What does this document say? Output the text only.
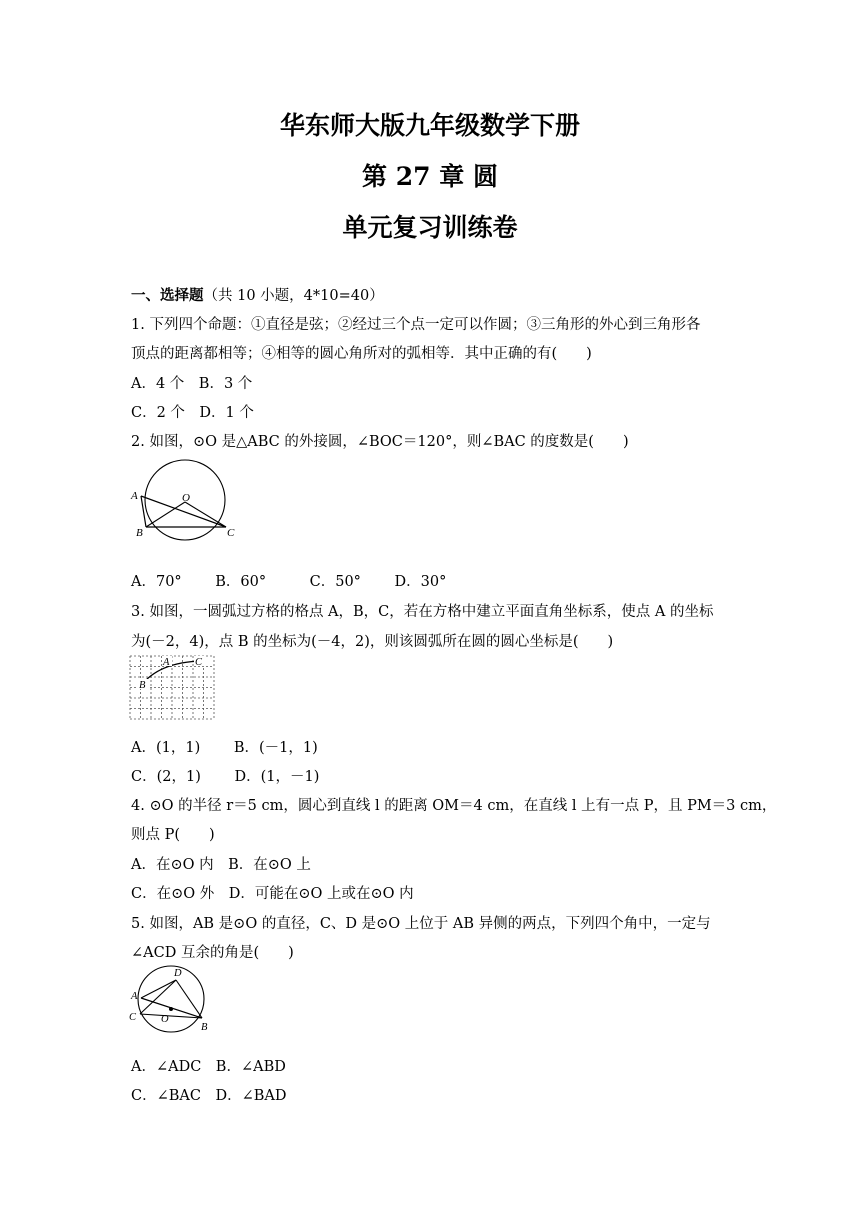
华东师大版九年级数学下册
第 27 章 圆
单元复习训练卷
一、选择题（共 10 小题，4*10=40）
1. 下列四个命题：①直径是弦；②经过三个点一定可以作圆；③三角形的外心到三角形各
顶点的距离都相等；④相等的圆心角所对的弧相等．其中正确的有(　　)
A．4 个　B．3 个
C．2 个　D．1 个
2. 如图，⊙O 是△ABC 的外接圆，∠BOC＝120°，则∠BAC 的度数是(　　)
A
B	C
O
A．70°　　 B．60°　　　C．50°　　 D．30°
3. 如图，一圆弧过方格的格点 A，B，C，若在方格中建立平面直角坐标系，使点 A 的坐标
为(－2，4)，点 B 的坐标为(－4，2)，则该圆弧所在圆的圆心坐标是(　　)
A C
B
A．(1，1)　　 B．(－1，1)
C．(2，1)　　 D．(1，－1)
4. ⊙O 的半径 r＝5 cm，圆心到直线 l 的距离 OM＝4 cm，在直线 l 上有一点 P，且 PM＝3 cm，
则点 P(　　)
A．在⊙O 内　B．在⊙O 上
C．在⊙O 外　D．可能在⊙O 上或在⊙O 内
5. 如图，AB 是⊙O 的直径，C、D 是⊙O 上位于 AB 异侧的两点，下列四个角中，一定与
∠ACD 互余的角是(　　)
D
A
C O
B
A．∠ADC　B．∠ABD
C．∠BAC　D．∠BAD
